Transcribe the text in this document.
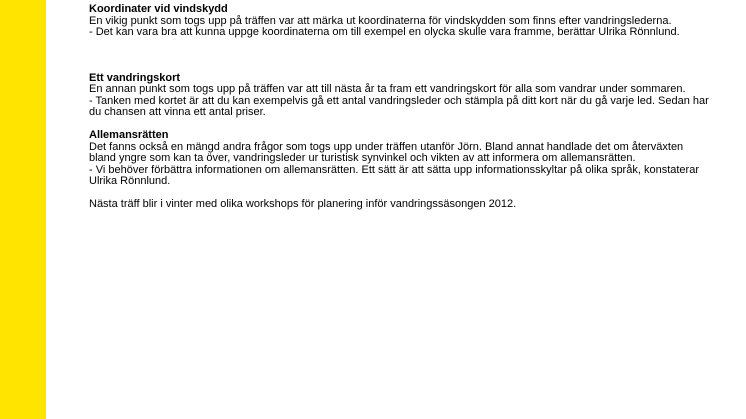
Koordinater vid vindskydd

En vikig punkt som togs upp på träffen var att märka ut koordinaterna för vindskydden som finns efter vandringslederna.

- Det kan vara bra att kunna uppge koordinaterna om till exempel en olycka skulle vara framme, berättar Ulrika Rönnlund.

Ett vandringskort

En annan punkt som togs upp på träffen var att till nästa år ta fram ett vandringskort för alla som vandrar under sommaren.

- Tanken med kortet är att du kan exempelvis gå ett antal vandringsleder och stämpla på ditt kort när du gå varje led. Sedan har du chansen att vinna ett antal priser.

Allemansrätten

Det fanns också en mängd andra frågor som togs upp under träffen utanför Jörn. Bland annat handlade det om återväxten bland yngre som kan ta över, vandringsleder ur turistisk synvinkel och vikten av att informera om allemansrätten.

- Vi behöver förbättra informationen om allemansrätten. Ett sätt är att sätta upp informationsskyltar på olika språk, konstaterar Ulrika Rönnlund.

Nästa träff blir i vinter med olika workshops för planering inför vandringssäsongen 2012.
